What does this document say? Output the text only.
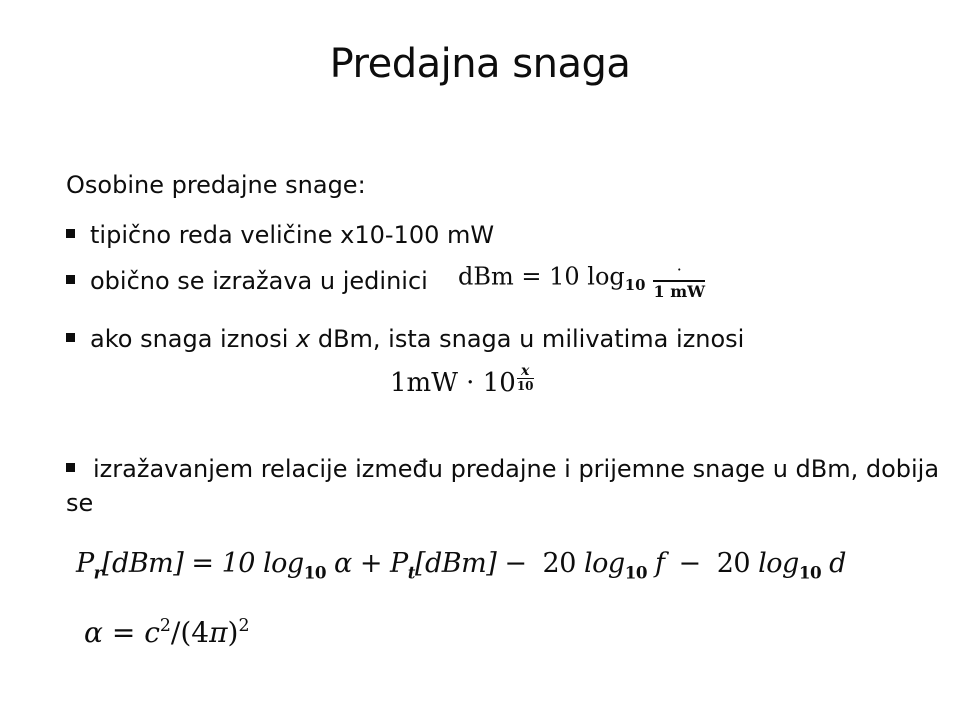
Predajna snaga
Osobine predajne snage:
tipično reda veličine x10-100 mW
obično se izražava u jedinici dBm = 10 $\log_{10} \frac{\cdot}{1 mW}$
ako snaga iznosi x dBm, ista snaga u milivatima iznosi
$1mW \cdot 10 \frac{x}{10}$
izražavanjem relacije između predajne i prijemne snage u dBm, dobija se
$P_r[dBm] = 10$ $\log_{10} \alpha + P_t[dBm] - 20$ $\log_{10} f - 20$ $\log_{10} d$
$\alpha = c^2/(4\pi)^2$
